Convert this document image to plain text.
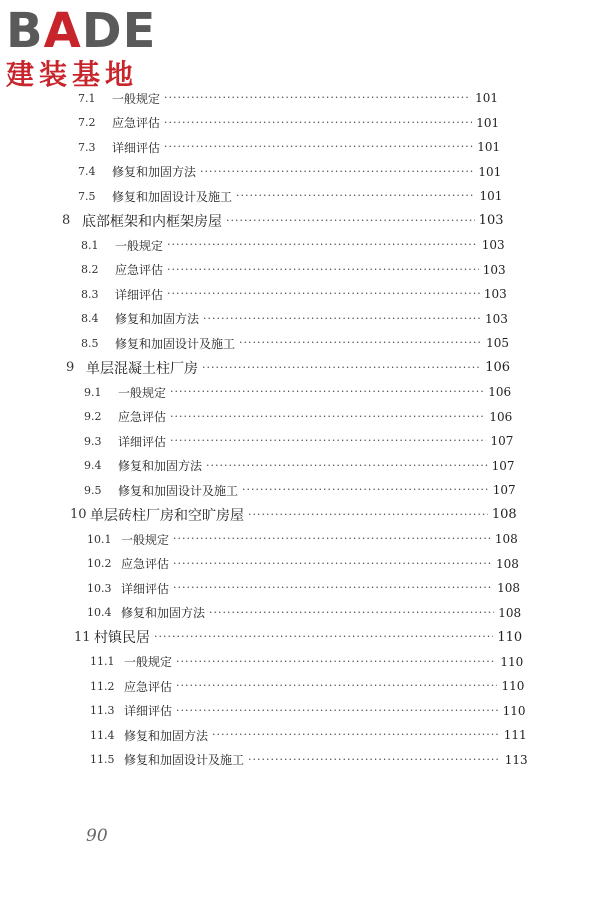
BADE
建装基地
7.1	一般规定 ·····	101
7.2	应急评估 ·····	101
7.3	详细评估 ·····	101
7.4	修复和加固方法 ·····	101
7.5	修复和加固设计及施工 ·····	101
8 底部框架和内框架房屋 ·····	103
8.1	一般规定 ·····	103
8.2	应急评估 ·····	103
8.3	详细评估 ·····	103
8.4	修复和加固方法 ·····	103
8.5	修复和加固设计及施工 ·····	105
9 单层混凝土柱厂房 ·····	106
9.1	一般规定 ·····	106
9.2	应急评估 ·····	106
9.3	详细评估 ·····	107
9.4	修复和加固方法 ·····	107
9.5	修复和加固设计及施工 ·····	107
10 单层砖柱厂房和空旷房屋 ·····	108
10.1 一般规定 ·····	108
10.2 应急评估 ·····	108
10.3 详细评估 ·····	108
10.4 修复和加固方法 ·····	108
11 村镇民居 ·····	110
11.1 一般规定 ·····	110
11.2 应急评估 ·····	110
11.3 详细评估 ·····	110
11.4 修复和加固方法 ·····	111
11.5 修复和加固设计及施工 ·····	113
90
